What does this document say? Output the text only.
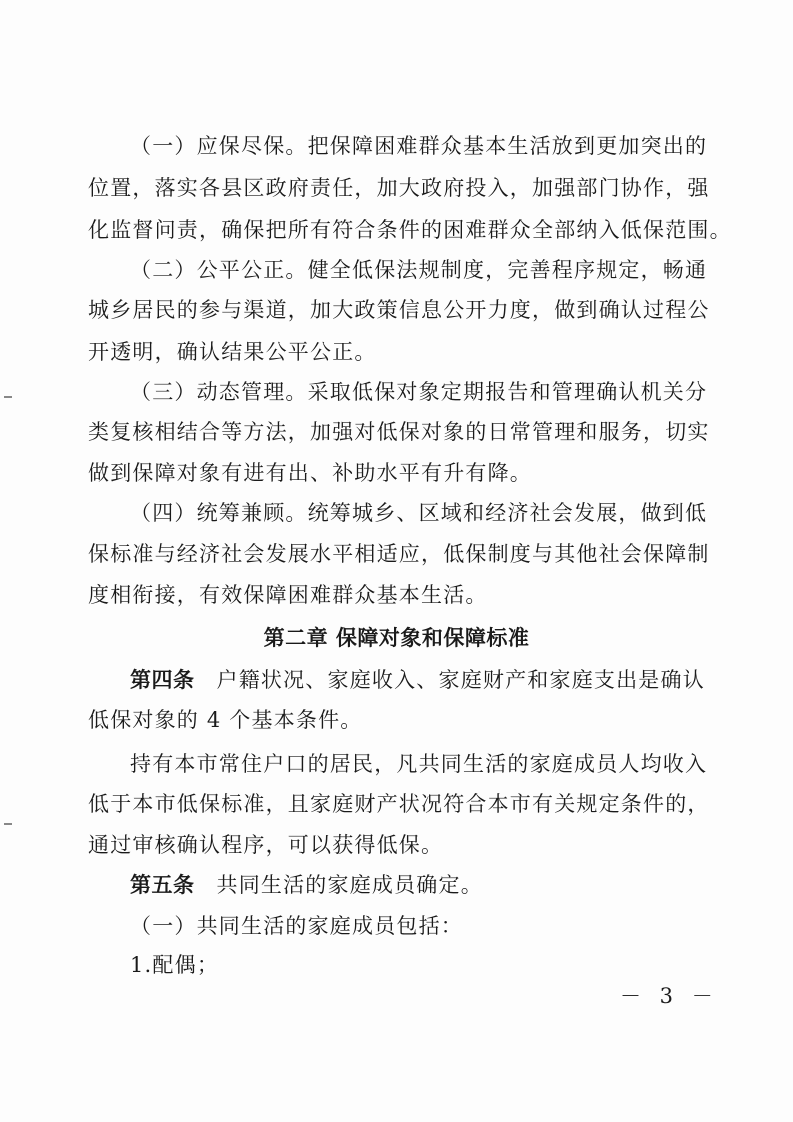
（一）应保尽保。把保障困难群众基本生活放到更加突出的
位置，落实各县区政府责任，加大政府投入，加强部门协作，强
化监督问责，确保把所有符合条件的困难群众全部纳入低保范围。
（二）公平公正。健全低保法规制度，完善程序规定，畅通
城乡居民的参与渠道，加大政策信息公开力度，做到确认过程公
开透明，确认结果公平公正。
（三）动态管理。采取低保对象定期报告和管理确认机关分
类复核相结合等方法，加强对低保对象的日常管理和服务，切实
做到保障对象有进有出、补助水平有升有降。
（四）统筹兼顾。统筹城乡、区域和经济社会发展，做到低
保标准与经济社会发展水平相适应，低保制度与其他社会保障制
度相衔接，有效保障困难群众基本生活。
第二章 保障对象和保障标准
第四条 户籍状况、家庭收入、家庭财产和家庭支出是确认
低保对象的 4 个基本条件。
持有本市常住户口的居民，凡共同生活的家庭成员人均收入
低于本市低保标准，且家庭财产状况符合本市有关规定条件的，
通过审核确认程序，可以获得低保。
第五条 共同生活的家庭成员确定。
（一）共同生活的家庭成员包括：
1.配偶；
－ 3 －
